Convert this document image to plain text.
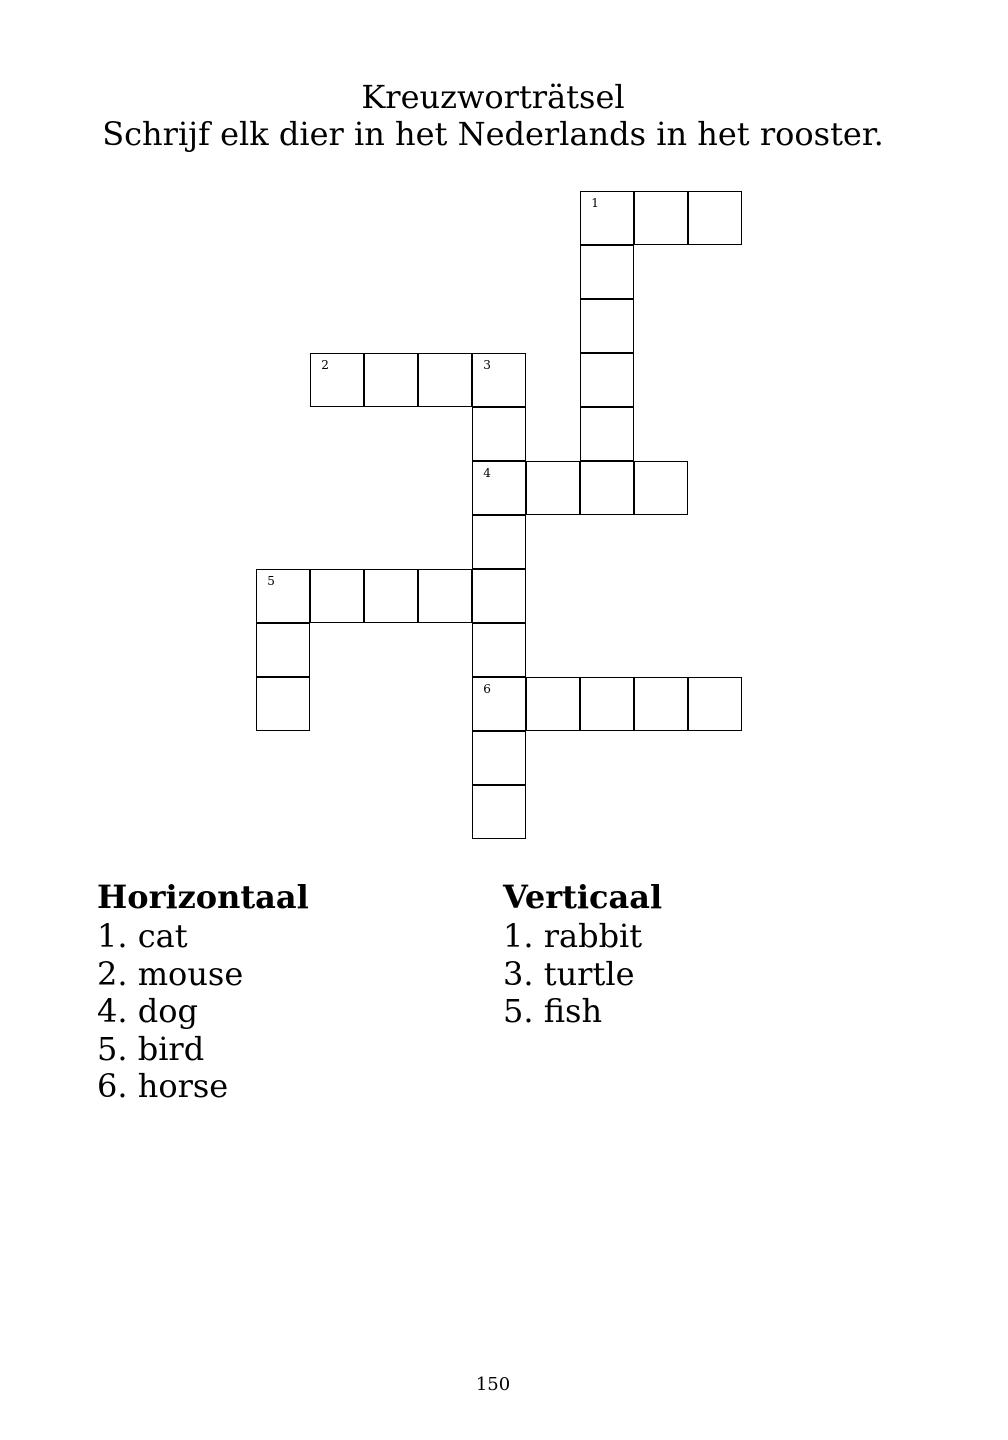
Kreuzworträtsel
Schrijf elk dier in het Nederlands in het rooster.
1
2	3
4
5
6
Horizontaal
1. cat
2. mouse
4. dog
5. bird
6. horse
Verticaal
1. rabbit
3. turtle
5. fish
150
